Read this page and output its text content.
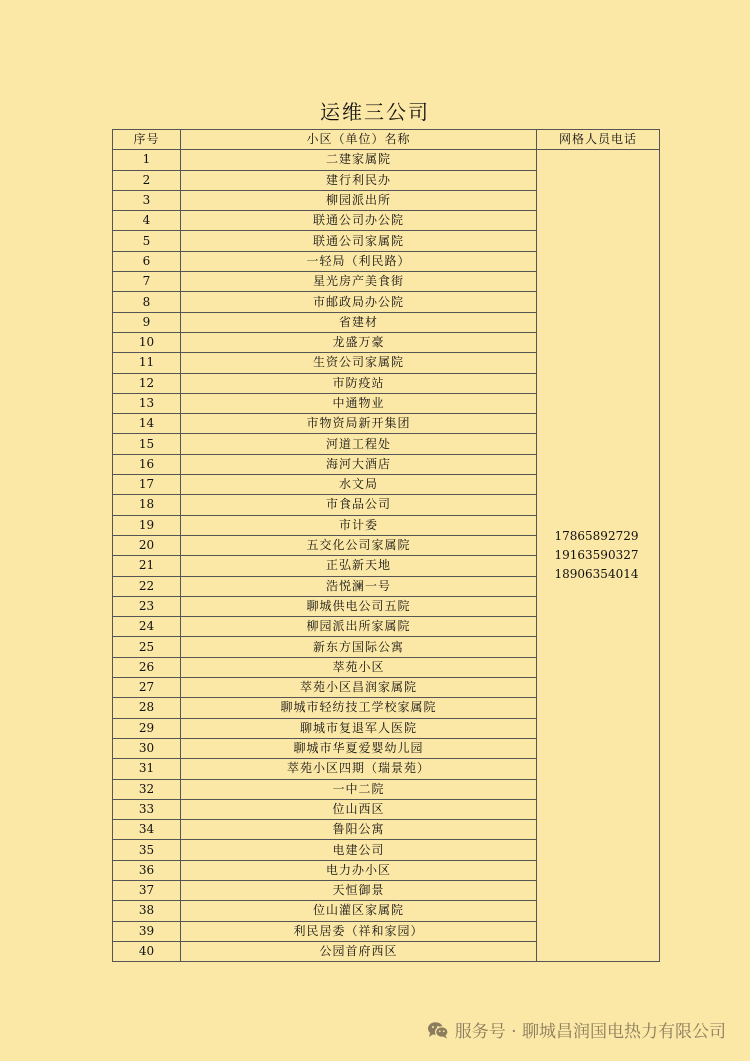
运维三公司
序号	小区（单位）名称	网格人员电话
1	二建家属院	17865892729
19163590327
18906354014

2	建行利民办	
3	柳园派出所	
4	联通公司办公院	
5	联通公司家属院	
6	一轻局（利民路）	
7	星光房产美食街	
8	市邮政局办公院	
9	省建材	
10	龙盛万豪	
11	生资公司家属院	
12	市防疫站	
13	中通物业	
14	市物资局新开集团	
15	河道工程处	
16	海河大酒店	
17	水文局	
18	市食品公司	
19	市计委	
20	五交化公司家属院	
21	正弘新天地	
22	浩悦澜一号	
23	聊城供电公司五院	
24	柳园派出所家属院	
25	新东方国际公寓	
26	萃苑小区	
27	萃苑小区昌润家属院	
28	聊城市轻纺技工学校家属院	
29	聊城市复退军人医院	
30	聊城市华夏爱婴幼儿园	
31	萃苑小区四期（瑞景苑）	
32	一中二院	
33	位山西区	
34	鲁阳公寓	
35	电建公司	
36	电力办小区	
37	天恒御景	
38	位山灌区家属院	
39	利民居委（祥和家园）	
40	公园首府西区	
服务号 · 聊城昌润国电热力有限公司
